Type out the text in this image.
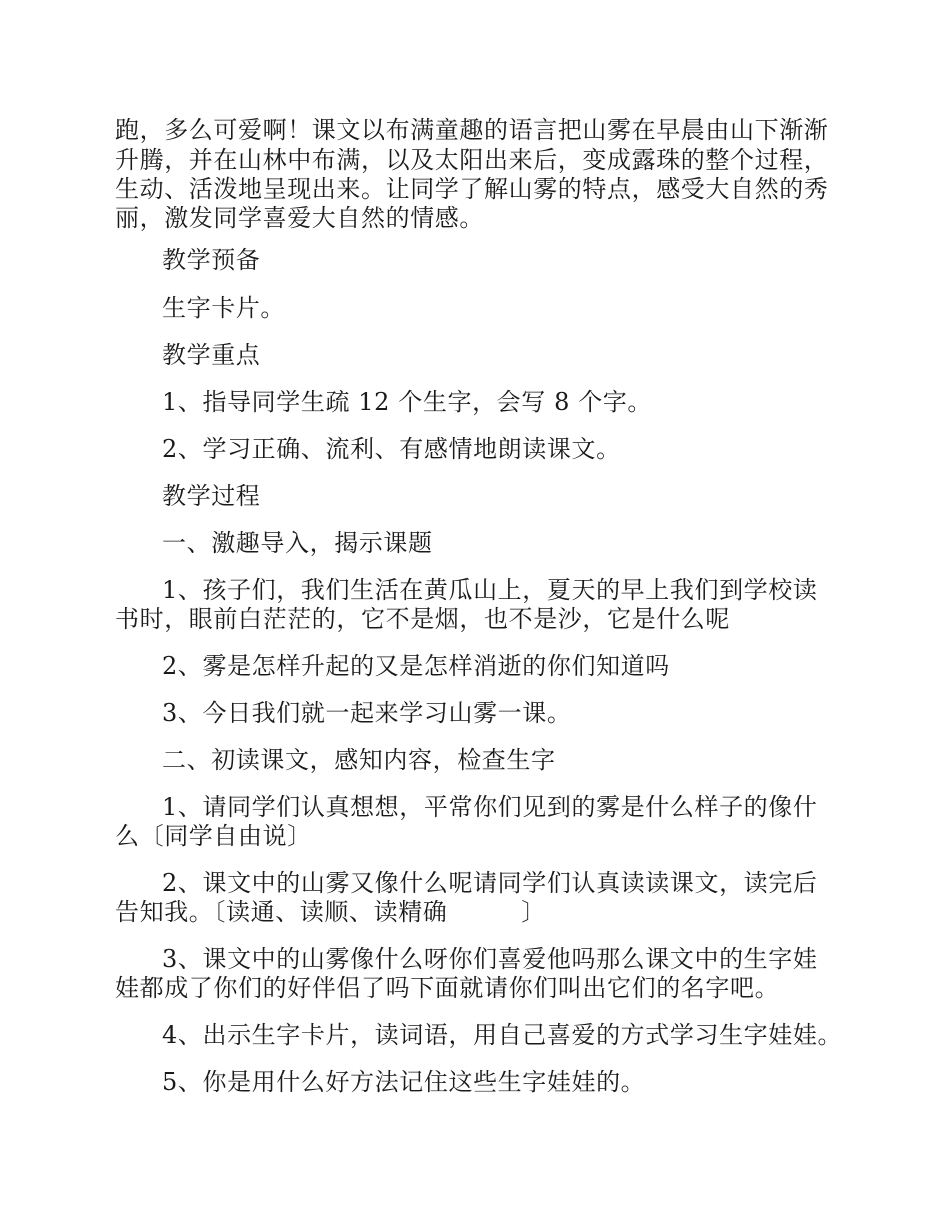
跑，多么可爱啊！课文以布满童趣的语言把山雾在早晨由山下渐渐
升腾，并在山林中布满，以及太阳出来后，变成露珠的整个过程，
生动、活泼地呈现出来。让同学了解山雾的特点，感受大自然的秀
丽，激发同学喜爱大自然的情感。
教学预备
生字卡片。
教学重点
1、指导同学生疏 12 个生字，会写 8 个字。
2、学习正确、流利、有感情地朗读课文。
教学过程
一、激趣导入，揭示课题
1、孩子们，我们生活在黄瓜山上，夏天的早上我们到学校读
书时，眼前白茫茫的，它不是烟，也不是沙，它是什么呢
2、雾是怎样升起的又是怎样消逝的你们知道吗
3、今日我们就一起来学习山雾一课。
二、初读课文，感知内容，检查生字
1、请同学们认真想想，平常你们见到的雾是什么样子的像什
么〔同学自由说〕
2、课文中的山雾又像什么呢请同学们认真读读课文，读完后
告知我。〔读通、读顺、读精确　　　〕
3、课文中的山雾像什么呀你们喜爱他吗那么课文中的生字娃
娃都成了你们的好伴侣了吗下面就请你们叫出它们的名字吧。
4、出示生字卡片，读词语，用自己喜爱的方式学习生字娃娃。
5、你是用什么好方法记住这些生字娃娃的。
